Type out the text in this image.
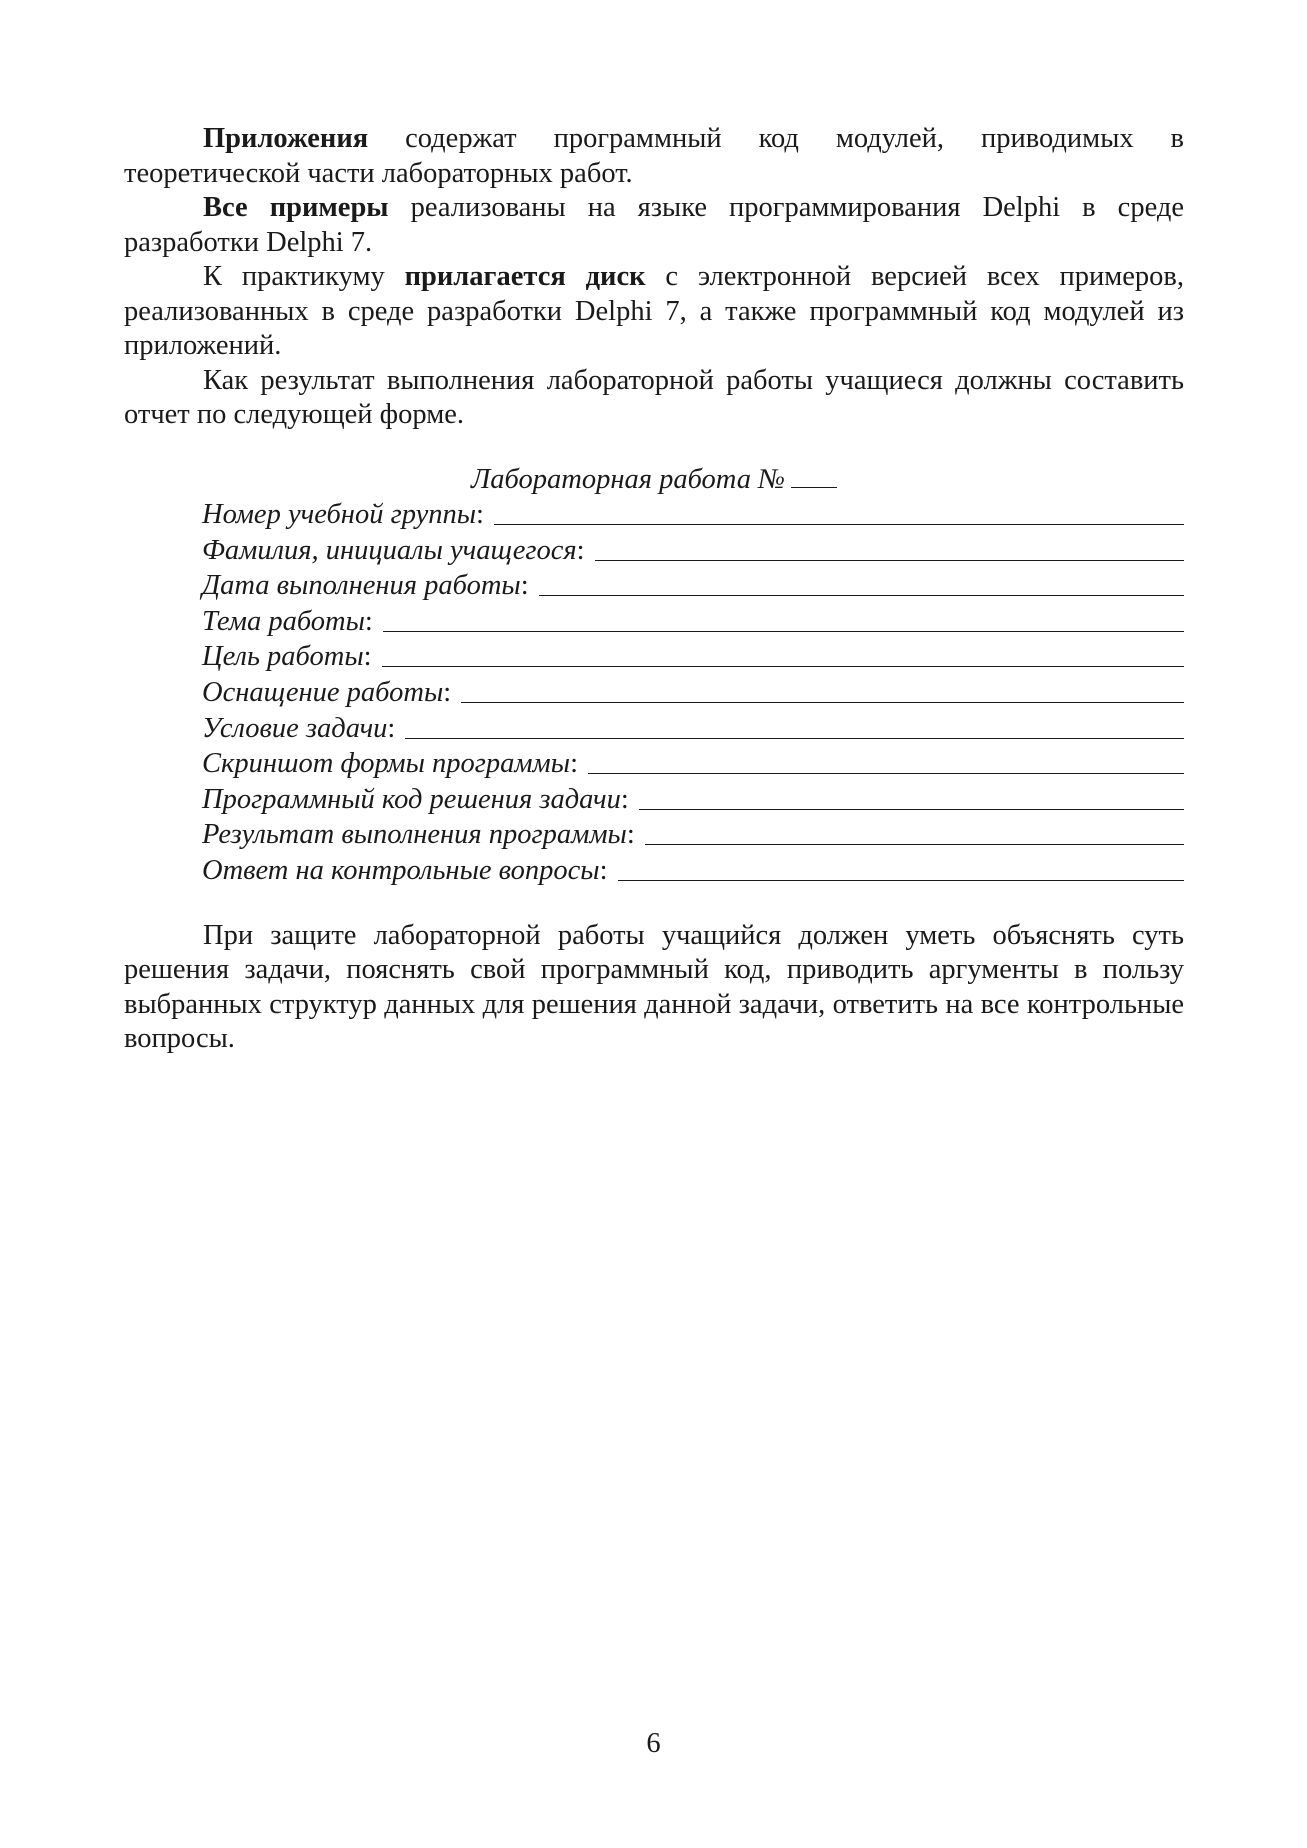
Приложения содержат программный код модулей, приводимых в теоретической части лабораторных работ.

Все примеры реализованы на языке программирования Delphi в среде разработки Delphi 7.

К практикуму прилагается диск с электронной версией всех примеров, реализованных в среде разработки Delphi 7, а также программный код модулей из приложений.

Как результат выполнения лабораторной работы учащиеся должны составить отчет по следующей форме.

Лабораторная работа №
Номер учебной группы :
Фамилия, инициалы учащегося :
Дата выполнения работы :
Тема работы :
Цель работы :
Оснащение работы :
Условие задачи :
Скриншот формы программы :
Программный код решения задачи :
Результат выполнения программы :
Ответ на контрольные вопросы :

При защите лабораторной работы учащийся должен уметь объяснять суть решения задачи, пояснять свой программный код, приводить аргументы в пользу выбранных структур данных для решения данной задачи, ответить на все контрольные вопросы.

6
